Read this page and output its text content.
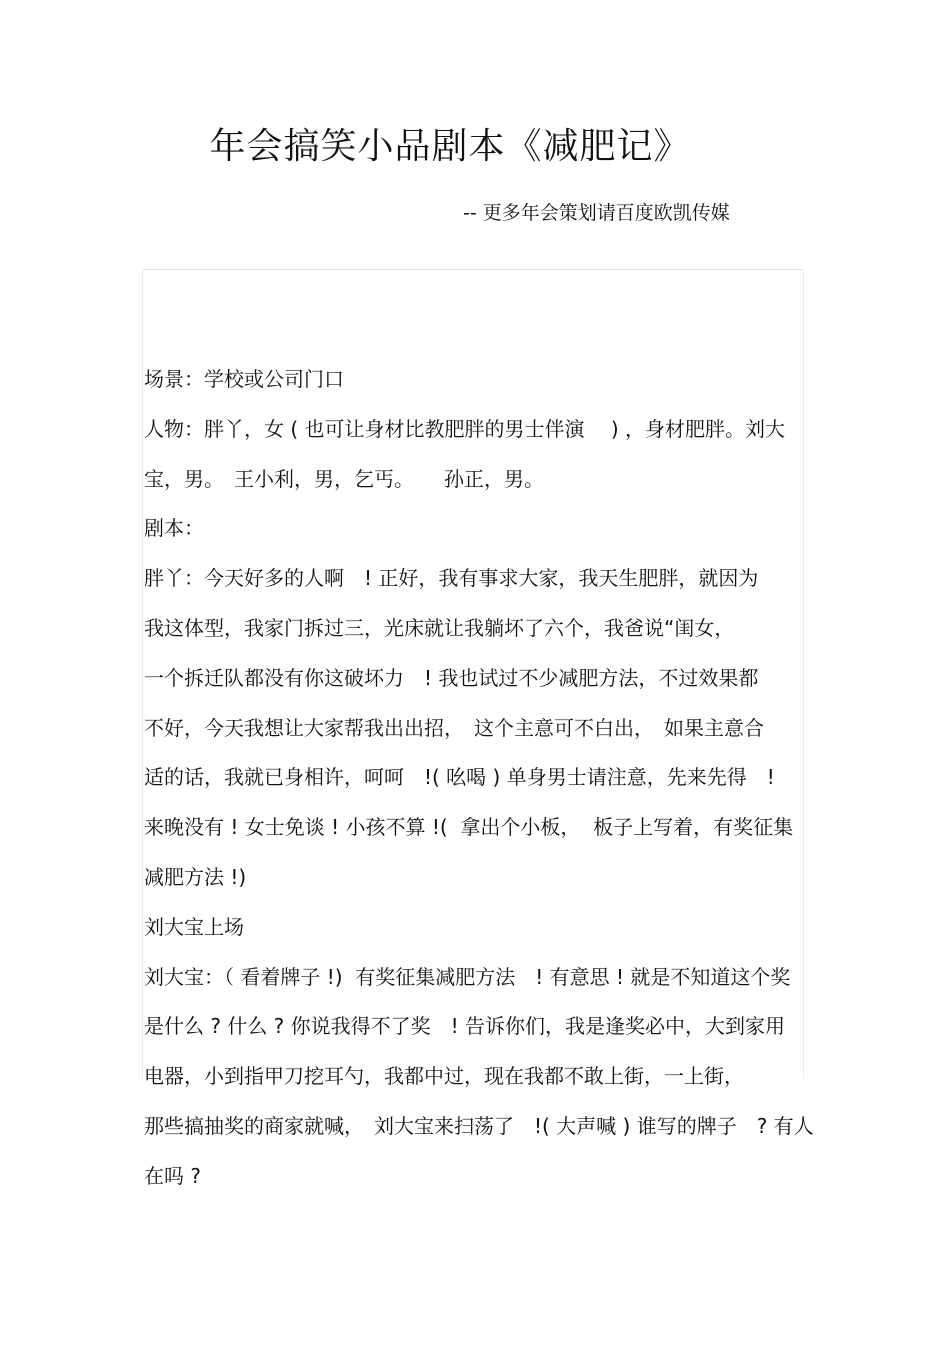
年会搞笑小品剧本《减肥记》
-- 更多年会策划请百度欧凯传媒
场景：学校或公司门口
人物：胖丫，女 ( 也可让身材比教肥胖的男士伴演　 ) ，身材肥胖。刘大
宝，男。　王小利，男，乞丐。　　孙正，男。
剧本：
胖丫：今天好多的人啊　! 正好，我有事求大家，我天生肥胖，就因为
我这体型，我家门拆过三，光床就让我躺坏了六个，我爸说“闺女，
一个拆迁队都没有你这破坏力　! 我也试过不少减肥方法，不过效果都
不好，今天我想让大家帮我出出招，　这个主意可不白出，　如果主意合
适的话，我就已身相许，呵呵　!( 吆喝 ) 单身男士请注意，先来先得　!
来晚没有 ! 女士免谈 ! 小孩不算 !(  拿出个小板，  板子上写着，有奖征集
减肥方法 !)
刘大宝上场
刘大宝：（ 看着牌子 !)  有奖征集减肥方法　! 有意思 ! 就是不知道这个奖
是什么 ? 什么 ? 你说我得不了奖　! 告诉你们，我是逢奖必中，大到家用
电器，小到指甲刀挖耳勺，我都中过，现在我都不敢上街，一上街，
那些搞抽奖的商家就喊，　刘大宝来扫荡了　!( 大声喊 ) 谁写的牌子　? 有人
在吗 ?
